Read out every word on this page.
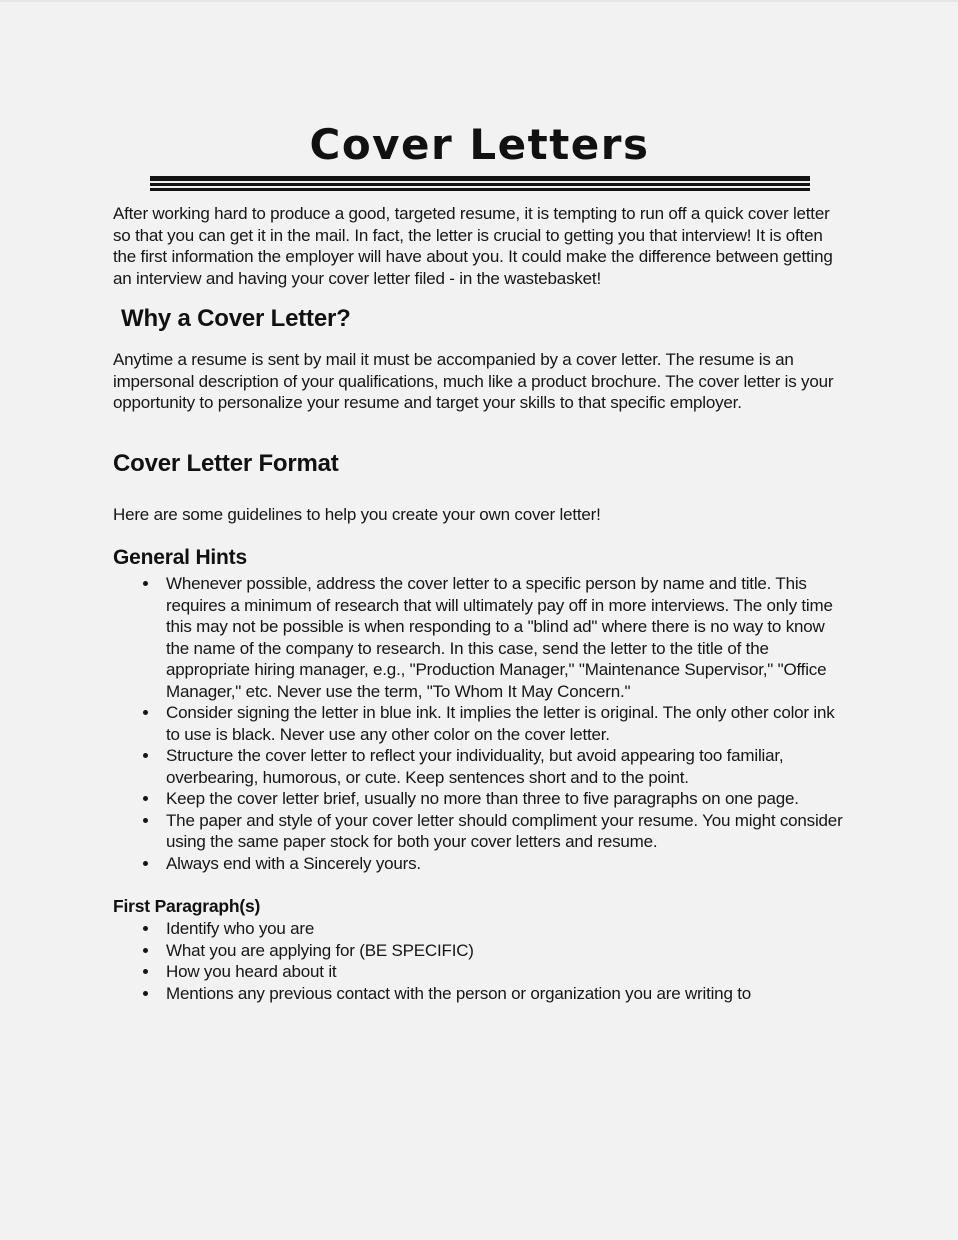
Cover Letters

After working hard to produce a good, targeted resume, it is tempting to run off a quick cover letter so that you can get it in the mail. In fact, the letter is crucial to getting you that interview! It is often the first information the employer will have about you. It could make the difference between getting an interview and having your cover letter filed - in the wastebasket!

Why a Cover Letter?

Anytime a resume is sent by mail it must be accompanied by a cover letter. The resume is an impersonal description of your qualifications, much like a product brochure. The cover letter is your opportunity to personalize your resume and target your skills to that specific employer.

Cover Letter Format

Here are some guidelines to help you create your own cover letter!

General Hints
Whenever possible, address the cover letter to a specific person by name and title. This requires a minimum of research that will ultimately pay off in more interviews. The only time this may not be possible is when responding to a "blind ad" where there is no way to know the name of the company to research. In this case, send the letter to the title of the appropriate hiring manager, e.g., "Production Manager," "Maintenance Supervisor," "Office Manager," etc. Never use the term, "To Whom It May Concern."
Consider signing the letter in blue ink. It implies the letter is original. The only other color ink to use is black. Never use any other color on the cover letter.
Structure the cover letter to reflect your individuality, but avoid appearing too familiar, overbearing, humorous, or cute. Keep sentences short and to the point.
Keep the cover letter brief, usually no more than three to five paragraphs on one page.
The paper and style of your cover letter should compliment your resume. You might consider using the same paper stock for both your cover letters and resume.
Always end with a Sincerely yours.
First Paragraph(s)
Identify who you are
What you are applying for (BE SPECIFIC)
How you heard about it
Mentions any previous contact with the person or organization you are writing to
